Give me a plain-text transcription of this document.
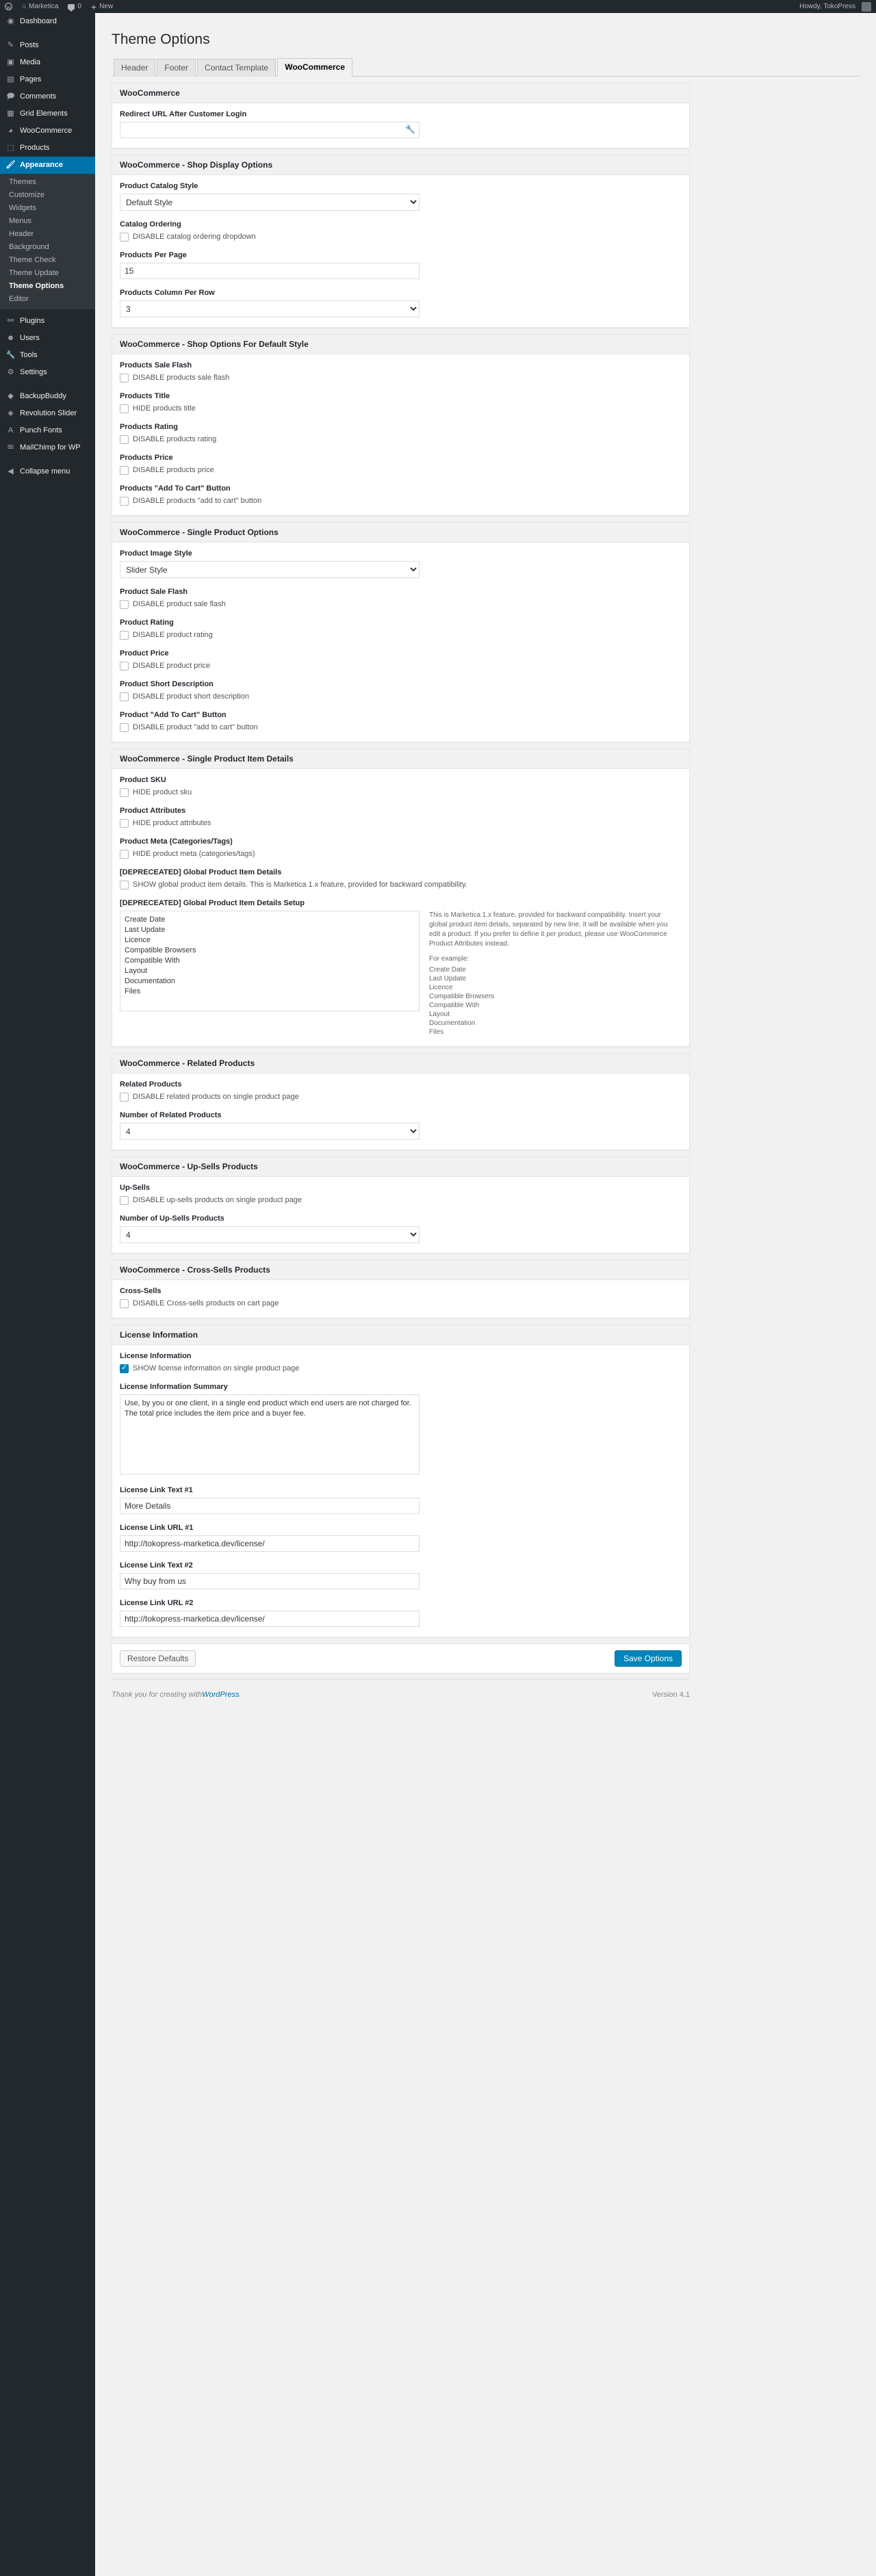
W
⌂ Marketica	0 + New	Howdy, TokoPress
◉ Dashboard
✎ Posts
▣ Media
▤ Pages
🗩 Comments
▦ Grid Elements
◕ WooCommerce
⬚ Products
🖌 Appearance
Themes
Customize
Widgets
Menus
Header
Background
Theme Check
Theme Update
Theme Options
Editor
⚯ Plugins
☻ Users
🔧 Tools
⚙ Settings
◆ BackupBuddy
◈ Revolution Slider
A Punch Fonts
✉ MailChimp for WP
◀ Collapse menu
Theme Options
Header	Footer	Contact Template	WooCommerce
WooCommerce
Redirect URL After Customer Login
🔧
WooCommerce - Shop Display Options
Product Catalog Style
Default Style
Catalog Ordering
DISABLE catalog ordering dropdown
Products Per Page
15
Products Column Per Row
3
WooCommerce - Shop Options For Default Style
Products Sale Flash
DISABLE products sale flash
Products Title
HIDE products title
Products Rating
DISABLE products rating
Products Price
DISABLE products price
Products "Add To Cart" Button
DISABLE products "add to cart" button
WooCommerce - Single Product Options
Product Image Style
Slider Style
Product Sale Flash
DISABLE product sale flash
Product Rating
DISABLE product rating
Product Price
DISABLE product price
Product Short Description
DISABLE product short description
Product "Add To Cart" Button
DISABLE product "add to cart" button
WooCommerce - Single Product Item Details
Product SKU
HIDE product sku
Product Attributes
HIDE product attributes
Product Meta (Categories/Tags)
HIDE product meta (categories/tags)
[DEPRECEATED] Global Product Item Details
SHOW global product item details. This is Marketica 1.x feature, provided for backward compatibility.
[DEPRECEATED] Global Product Item Details Setup
Create Date Last Update Licence Compatible Browsers Compatible With Layout Documentation Files

This is Marketica 1.x feature, provided for backward compatibility. Insert your global product item details, separated by new line. It will be available when you edit a product. If you prefer to define it per product, please use WooCommerce Product Attributes instead.

For example:

Create Date
Last Update
Licence
Compatible Browsers
Compatible With
Layout
Documentation
Files
WooCommerce - Related Products
Related Products
DISABLE related products on single product page
Number of Related Products
4
WooCommerce - Up-Sells Products
Up-Sells
DISABLE up-sells products on single product page
Number of Up-Sells Products
4
WooCommerce - Cross-Sells Products
Cross-Sells
DISABLE Cross-sells products on cart page
License Information
License Information
✓
SHOW license information on single product page
License Information Summary
Use, by you or one client, in a single end product which end users are not charged for. The total price includes the item price and a buyer fee.
License Link Text #1
More Details
License Link URL #1
http://tokopress-marketica.dev/license/
License Link Text #2
Why buy from us
License Link URL #2
http://tokopress-marketica.dev/license/
Restore Defaults	Save Options
Thank you for creating with WordPress .	Version 4.1
